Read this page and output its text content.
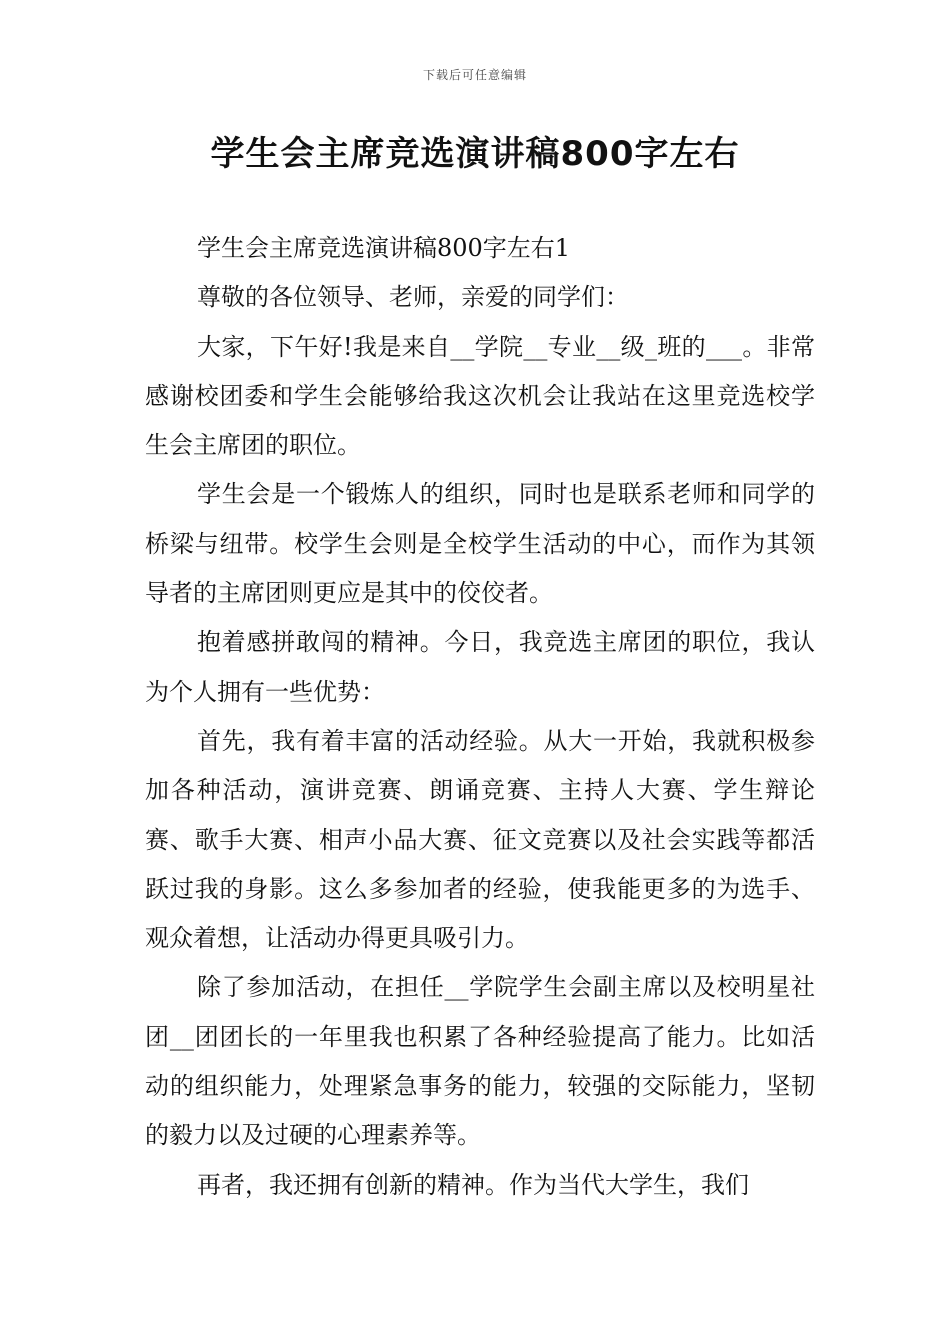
下载后可任意编辑
学生会主席竞选演讲稿800字左右

学生会主席竞选演讲稿800字左右1

尊敬的各位领导、老师，亲爱的同学们：

大家，下午好!我是来自__学院__专业__级_班的___。非常感谢校团委和学生会能够给我这次机会让我站在这里竞选校学生会主席团的职位。

学生会是一个锻炼人的组织，同时也是联系老师和同学的桥梁与纽带。校学生会则是全校学生活动的中心，而作为其领导者的主席团则更应是其中的佼佼者。

抱着感拼敢闯的精神。今日，我竞选主席团的职位，我认为个人拥有一些优势：

首先，我有着丰富的活动经验。从大一开始，我就积极参加各种活动，演讲竞赛、朗诵竞赛、主持人大赛、学生辩论赛、歌手大赛、相声小品大赛、征文竞赛以及社会实践等都活跃过我的身影。这么多参加者的经验，使我能更多的为选手、观众着想，让活动办得更具吸引力。

除了参加活动，在担任__学院学生会副主席以及校明星社团__团团长的一年里我也积累了各种经验提高了能力。比如活动的组织能力，处理紧急事务的能力，较强的交际能力，坚韧的毅力以及过硬的心理素养等。

再者，我还拥有创新的精神。作为当代大学生，我们
